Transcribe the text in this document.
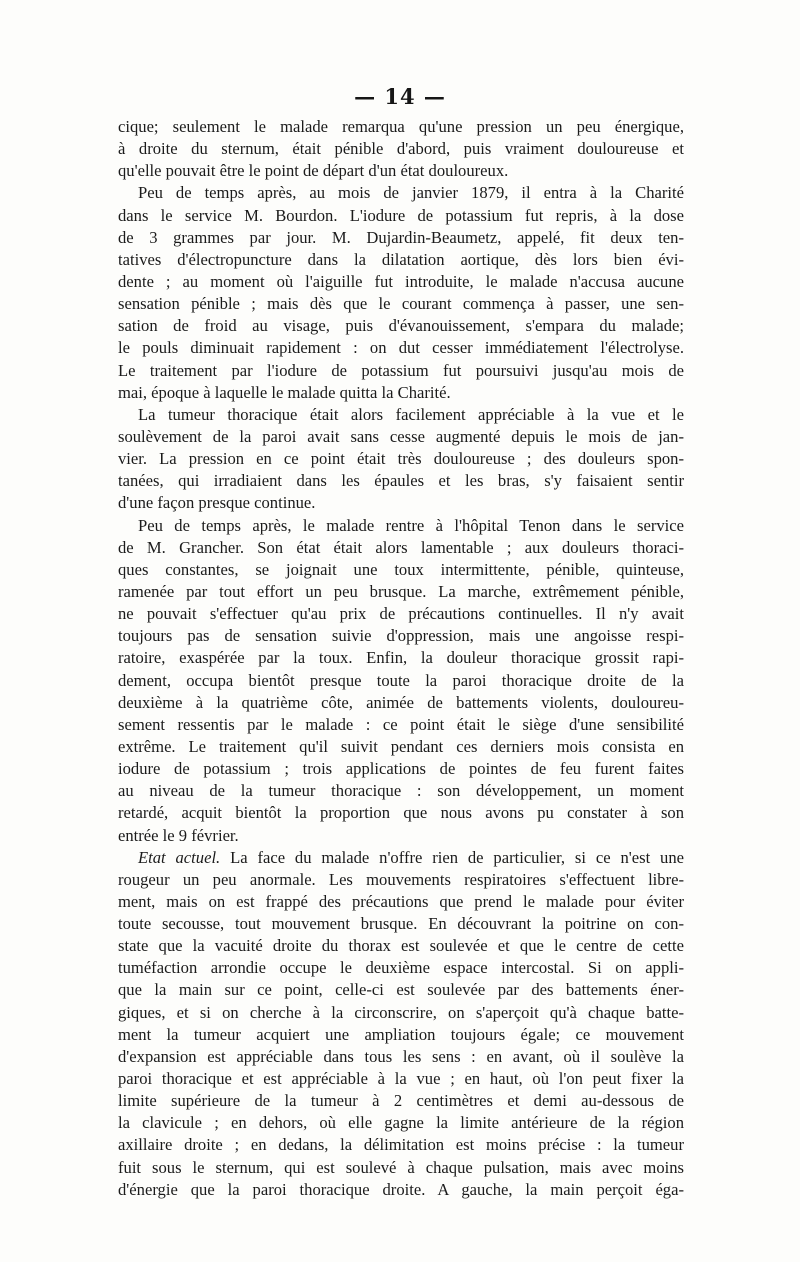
— 14 —
cique; seulement le malade remarqua qu'une pression un peu énergique,
à droite du sternum, était pénible d'abord, puis vraiment douloureuse et
qu'elle pouvait être le point de départ d'un état douloureux.
Peu de temps après, au mois de janvier 1879, il entra à la Charité
dans le service M. Bourdon. L'iodure de potassium fut repris, à la dose
de 3 grammes par jour. M. Dujardin-Beaumetz, appelé, fit deux ten-
tatives d'électropuncture dans la dilatation aortique, dès lors bien évi-
dente ; au moment où l'aiguille fut introduite, le malade n'accusa aucune
sensation pénible ; mais dès que le courant commença à passer, une sen-
sation de froid au visage, puis d'évanouissement, s'empara du malade;
le pouls diminuait rapidement : on dut cesser immédiatement l'électrolyse.
Le traitement par l'iodure de potassium fut poursuivi jusqu'au mois de
mai, époque à laquelle le malade quitta la Charité.
La tumeur thoracique était alors facilement appréciable à la vue et le
soulèvement de la paroi avait sans cesse augmenté depuis le mois de jan-
vier. La pression en ce point était très douloureuse ; des douleurs spon-
tanées, qui irradiaient dans les épaules et les bras, s'y faisaient sentir
d'une façon presque continue.
Peu de temps après, le malade rentre à l'hôpital Tenon dans le service
de M. Grancher. Son état était alors lamentable ; aux douleurs thoraci-
ques constantes, se joignait une toux intermittente, pénible, quinteuse,
ramenée par tout effort un peu brusque. La marche, extrêmement pénible,
ne pouvait s'effectuer qu'au prix de précautions continuelles. Il n'y avait
toujours pas de sensation suivie d'oppression, mais une angoisse respi-
ratoire, exaspérée par la toux. Enfin, la douleur thoracique grossit rapi-
dement, occupa bientôt presque toute la paroi thoracique droite de la
deuxième à la quatrième côte, animée de battements violents, douloureu-
sement ressentis par le malade : ce point était le siège d'une sensibilité
extrême. Le traitement qu'il suivit pendant ces derniers mois consista en
iodure de potassium ; trois applications de pointes de feu furent faites
au niveau de la tumeur thoracique : son développement, un moment
retardé, acquit bientôt la proportion que nous avons pu constater à son
entrée le 9 février.
Etat actuel. La face du malade n'offre rien de particulier, si ce n'est une
rougeur un peu anormale. Les mouvements respiratoires s'effectuent libre-
ment, mais on est frappé des précautions que prend le malade pour éviter
toute secousse, tout mouvement brusque. En découvrant la poitrine on con-
state que la vacuité droite du thorax est soulevée et que le centre de cette
tuméfaction arrondie occupe le deuxième espace intercostal. Si on appli-
que la main sur ce point, celle-ci est soulevée par des battements éner-
giques, et si on cherche à la circonscrire, on s'aperçoit qu'à chaque batte-
ment la tumeur acquiert une ampliation toujours égale; ce mouvement
d'expansion est appréciable dans tous les sens : en avant, où il soulève la
paroi thoracique et est appréciable à la vue ; en haut, où l'on peut fixer la
limite supérieure de la tumeur à 2 centimètres et demi au-dessous de
la clavicule ; en dehors, où elle gagne la limite antérieure de la région
axillaire droite ; en dedans, la délimitation est moins précise : la tumeur
fuit sous le sternum, qui est soulevé à chaque pulsation, mais avec moins
d'énergie que la paroi thoracique droite. A gauche, la main perçoit éga-
